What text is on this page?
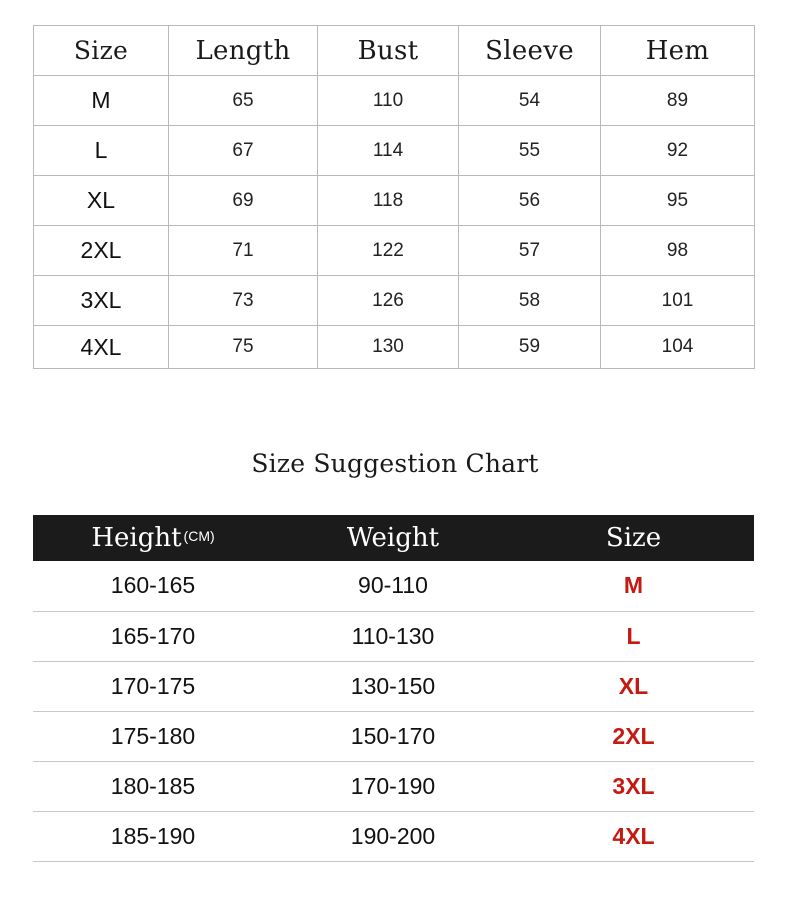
Size	Length	Bust	Sleeve	Hem
M	65	110	54	89
L	67	114	55	92
XL	69	118	56	95
2XL	71	122	57	98
3XL	73	126	58	101
4XL	75	130	59	104
Size Suggestion Chart
Height (CM)	Weight	Size
160-165	90-110	M
165-170	110-130	L
170-175	130-150	XL
175-180	150-170	2XL
180-185	170-190	3XL
185-190	190-200	4XL
